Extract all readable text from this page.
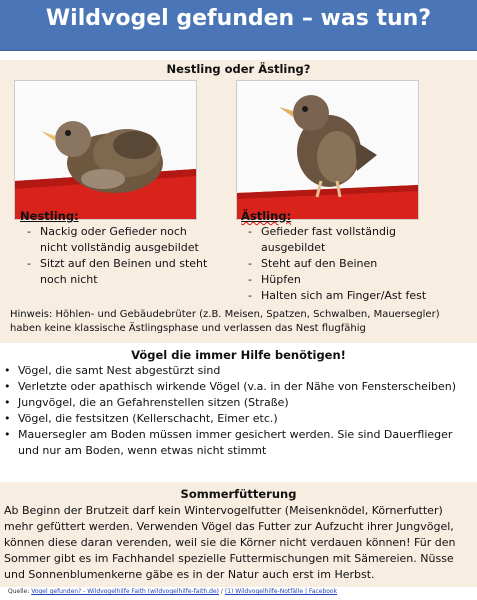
Wildvogel gefunden – was tun?
Nestling oder Ästling?
Nestling:
- Nackig oder Gefieder noch nicht vollständig ausgebildet
- Sitzt auf den Beinen und steht noch nicht
Ästling:
- Gefieder fast vollständig ausgebildet
- Steht auf den Beinen
- Hüpfen
- Halten sich am Finger/Ast fest
Hinweis: Höhlen- und Gebäudebrüter (z.B. Meisen, Spatzen, Schwalben, Mauersegler) haben keine klassische Ästlingsphase und verlassen das Nest flugfähig
Vögel die immer Hilfe benötigen!
• Vögel, die samt Nest abgestürzt sind
• Verletzte oder apathisch wirkende Vögel (v.a. in der Nähe von Fensterscheiben)
• Jungvögel, die an Gefahrenstellen sitzen (Straße)
• Vögel, die festsitzen (Kellerschacht, Eimer etc.)
• Mauersegler am Boden müssen immer gesichert werden. Sie sind Dauerflieger und nur am Boden, wenn etwas nicht stimmt
Sommerfütterung
Ab Beginn der Brutzeit darf kein Wintervogelfutter (Meisenknödel, Körnerfutter) mehr gefüttert werden. Verwenden Vögel das Futter zur Aufzucht ihrer Jungvögel, können diese daran verenden, weil sie die Körner nicht verdauen können! Für den Sommer gibt es im Fachhandel spezielle Futtermischungen mit Sämereien. Nüsse und Sonnenblumenkerne gäbe es in der Natur auch erst im Herbst.
Quelle: Vogel gefunden? - Wildvogelhilfe Faith (wildvogelhilfe-faith.de) / (1) Wildvogelhilfe-Notfälle | Facebook
